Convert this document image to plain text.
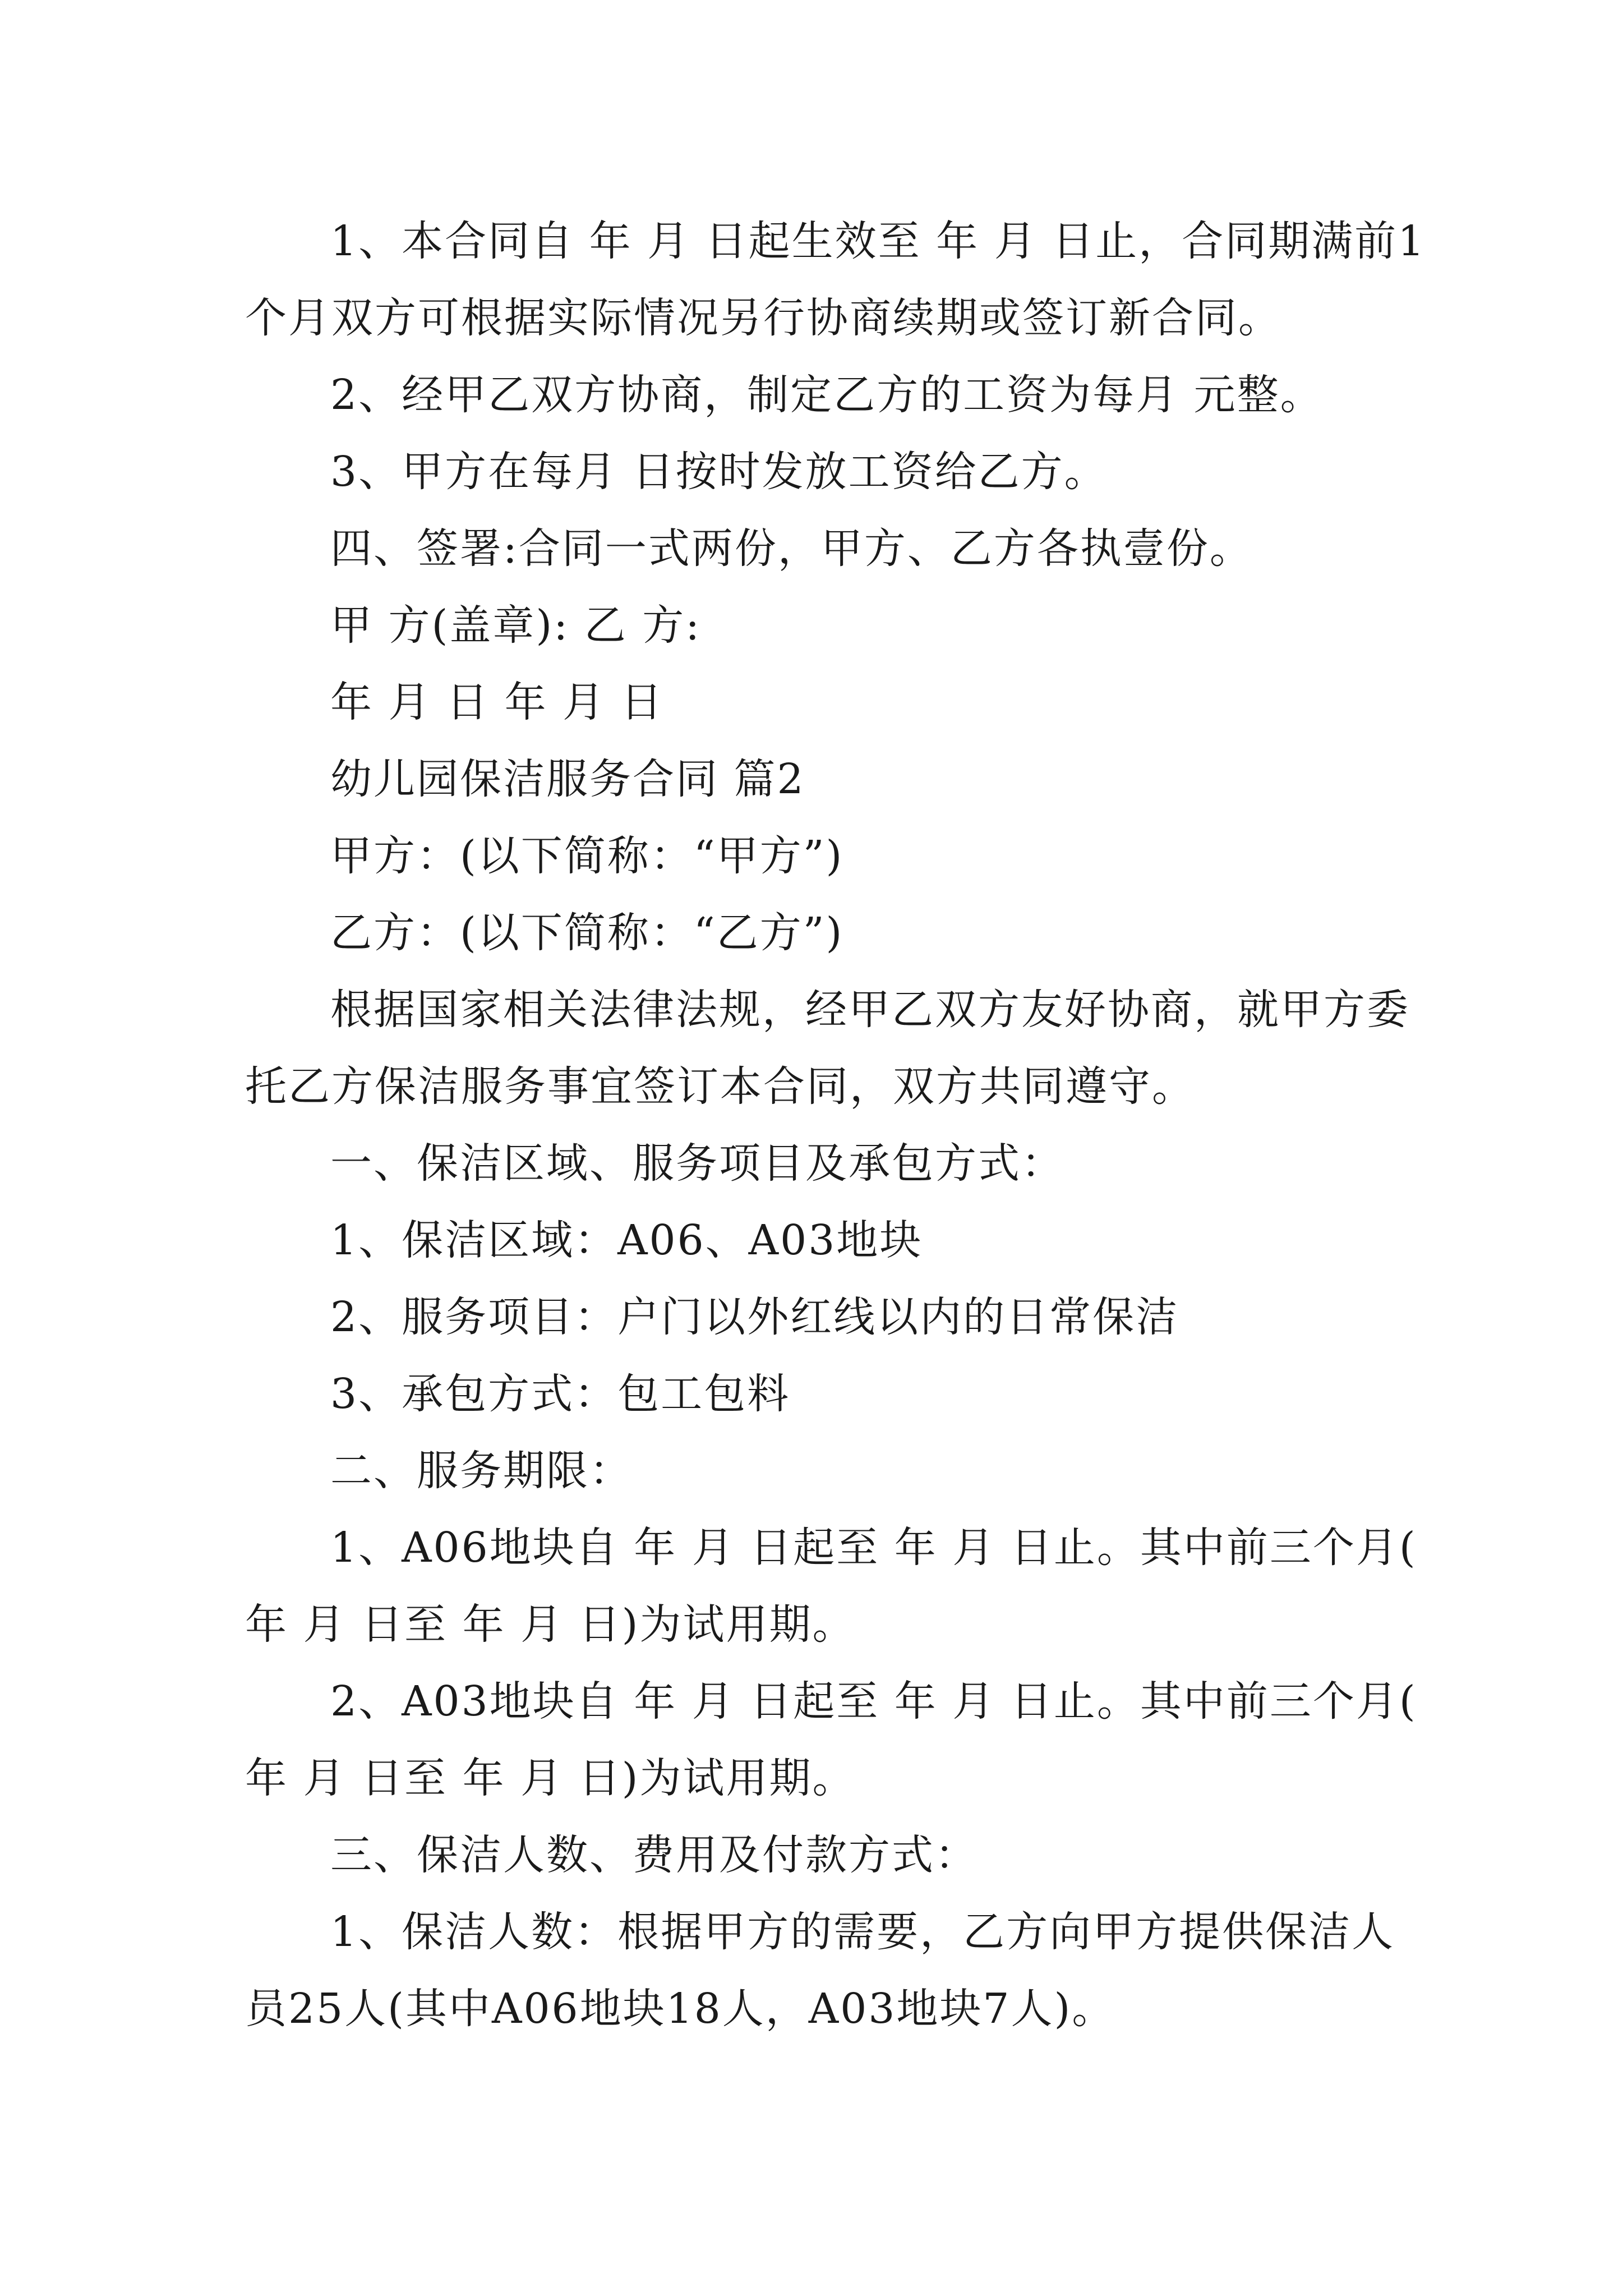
1、本合同自 年 月 日起生效至 年 月 日止，合同期满前1个月双方可根据实际情况另行协商续期或签订新合同。

2、经甲乙双方协商，制定乙方的工资为每月 元整。

3、甲方在每月 日按时发放工资给乙方。

四、签署:合同一式两份，甲方、乙方各执壹份。

甲 方(盖章): 乙 方:

年 月 日 年 月 日

幼儿园保洁服务合同 篇2

甲方：(以下简称：“甲方”)

乙方：(以下简称：“乙方”)

根据国家相关法律法规，经甲乙双方友好协商，就甲方委托乙方保洁服务事宜签订本合同，双方共同遵守。

一、保洁区域、服务项目及承包方式：

1、保洁区域：A06、A03地块

2、服务项目：户门以外红线以内的日常保洁

3、承包方式：包工包料

二、服务期限：

1、A06地块自 年 月 日起至 年 月 日止。其中前三个月( 年 月 日至 年 月 日)为试用期。

2、A03地块自 年 月 日起至 年 月 日止。其中前三个月( 年 月 日至 年 月 日)为试用期。

三、保洁人数、费用及付款方式：

1、保洁人数：根据甲方的需要，乙方向甲方提供保洁人员25人(其中A06地块18人，A03地块7人)。
